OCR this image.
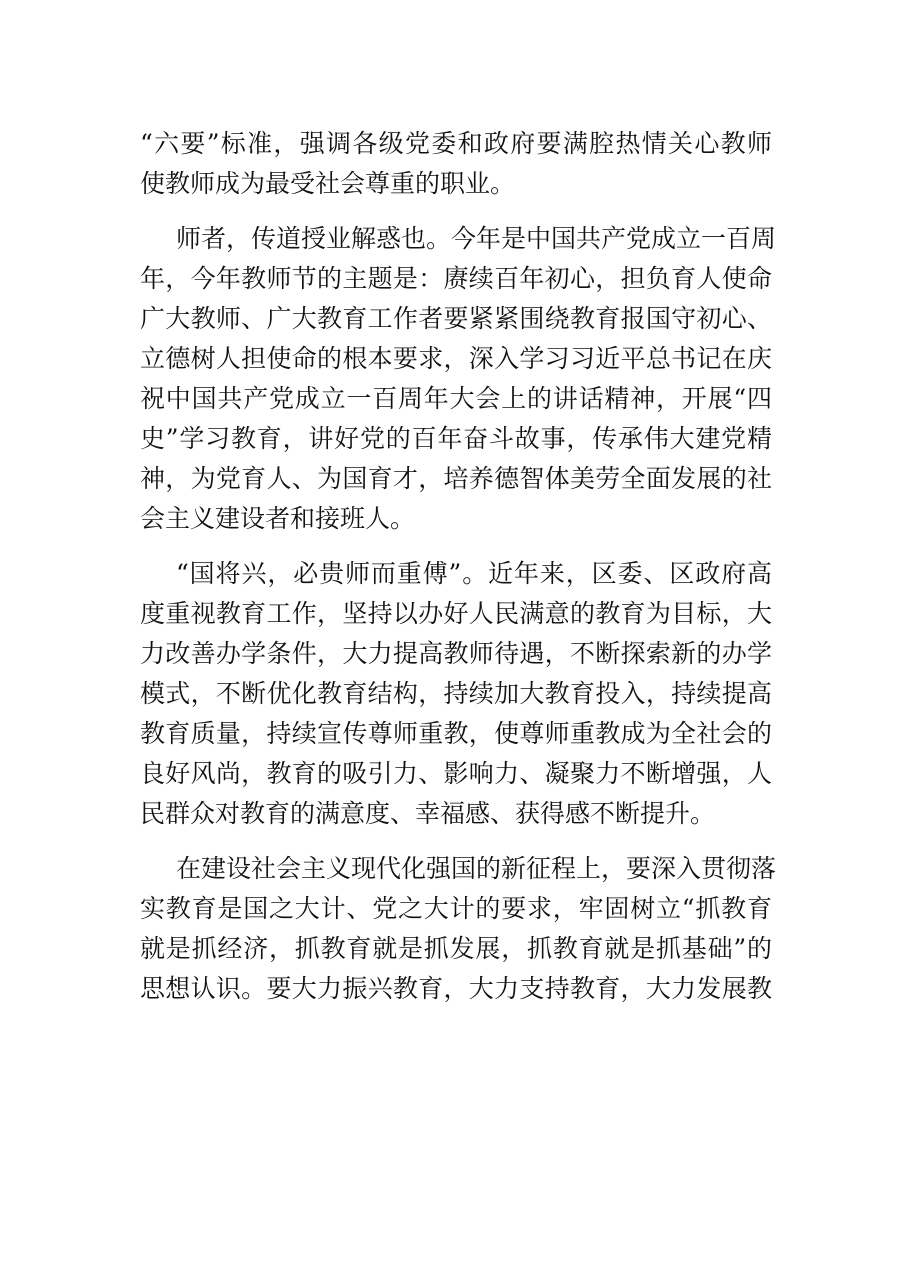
“六要”标准，强调各级党委和政府要满腔热情关心教师
使教师成为最受社会尊重的职业。
师者，传道授业解惑也。今年是中国共产党成立一百周
年，今年教师节的主题是：赓续百年初心，担负育人使命
广大教师、广大教育工作者要紧紧围绕教育报国守初心、
立德树人担使命的根本要求，深入学习习近平总书记在庆
祝中国共产党成立一百周年大会上的讲话精神，开展“四
史”学习教育，讲好党的百年奋斗故事，传承伟大建党精
神，为党育人、为国育才，培养德智体美劳全面发展的社
会主义建设者和接班人。
“国将兴，必贵师而重傅”。近年来，区委、区政府高
度重视教育工作，坚持以办好人民满意的教育为目标，大
力改善办学条件，大力提高教师待遇，不断探索新的办学
模式，不断优化教育结构，持续加大教育投入，持续提高
教育质量，持续宣传尊师重教，使尊师重教成为全社会的
良好风尚，教育的吸引力、影响力、凝聚力不断增强，人
民群众对教育的满意度、幸福感、获得感不断提升。
在建设社会主义现代化强国的新征程上，要深入贯彻落
实教育是国之大计、党之大计的要求，牢固树立“抓教育
就是抓经济，抓教育就是抓发展，抓教育就是抓基础”的
思想认识。要大力振兴教育，大力支持教育，大力发展教
